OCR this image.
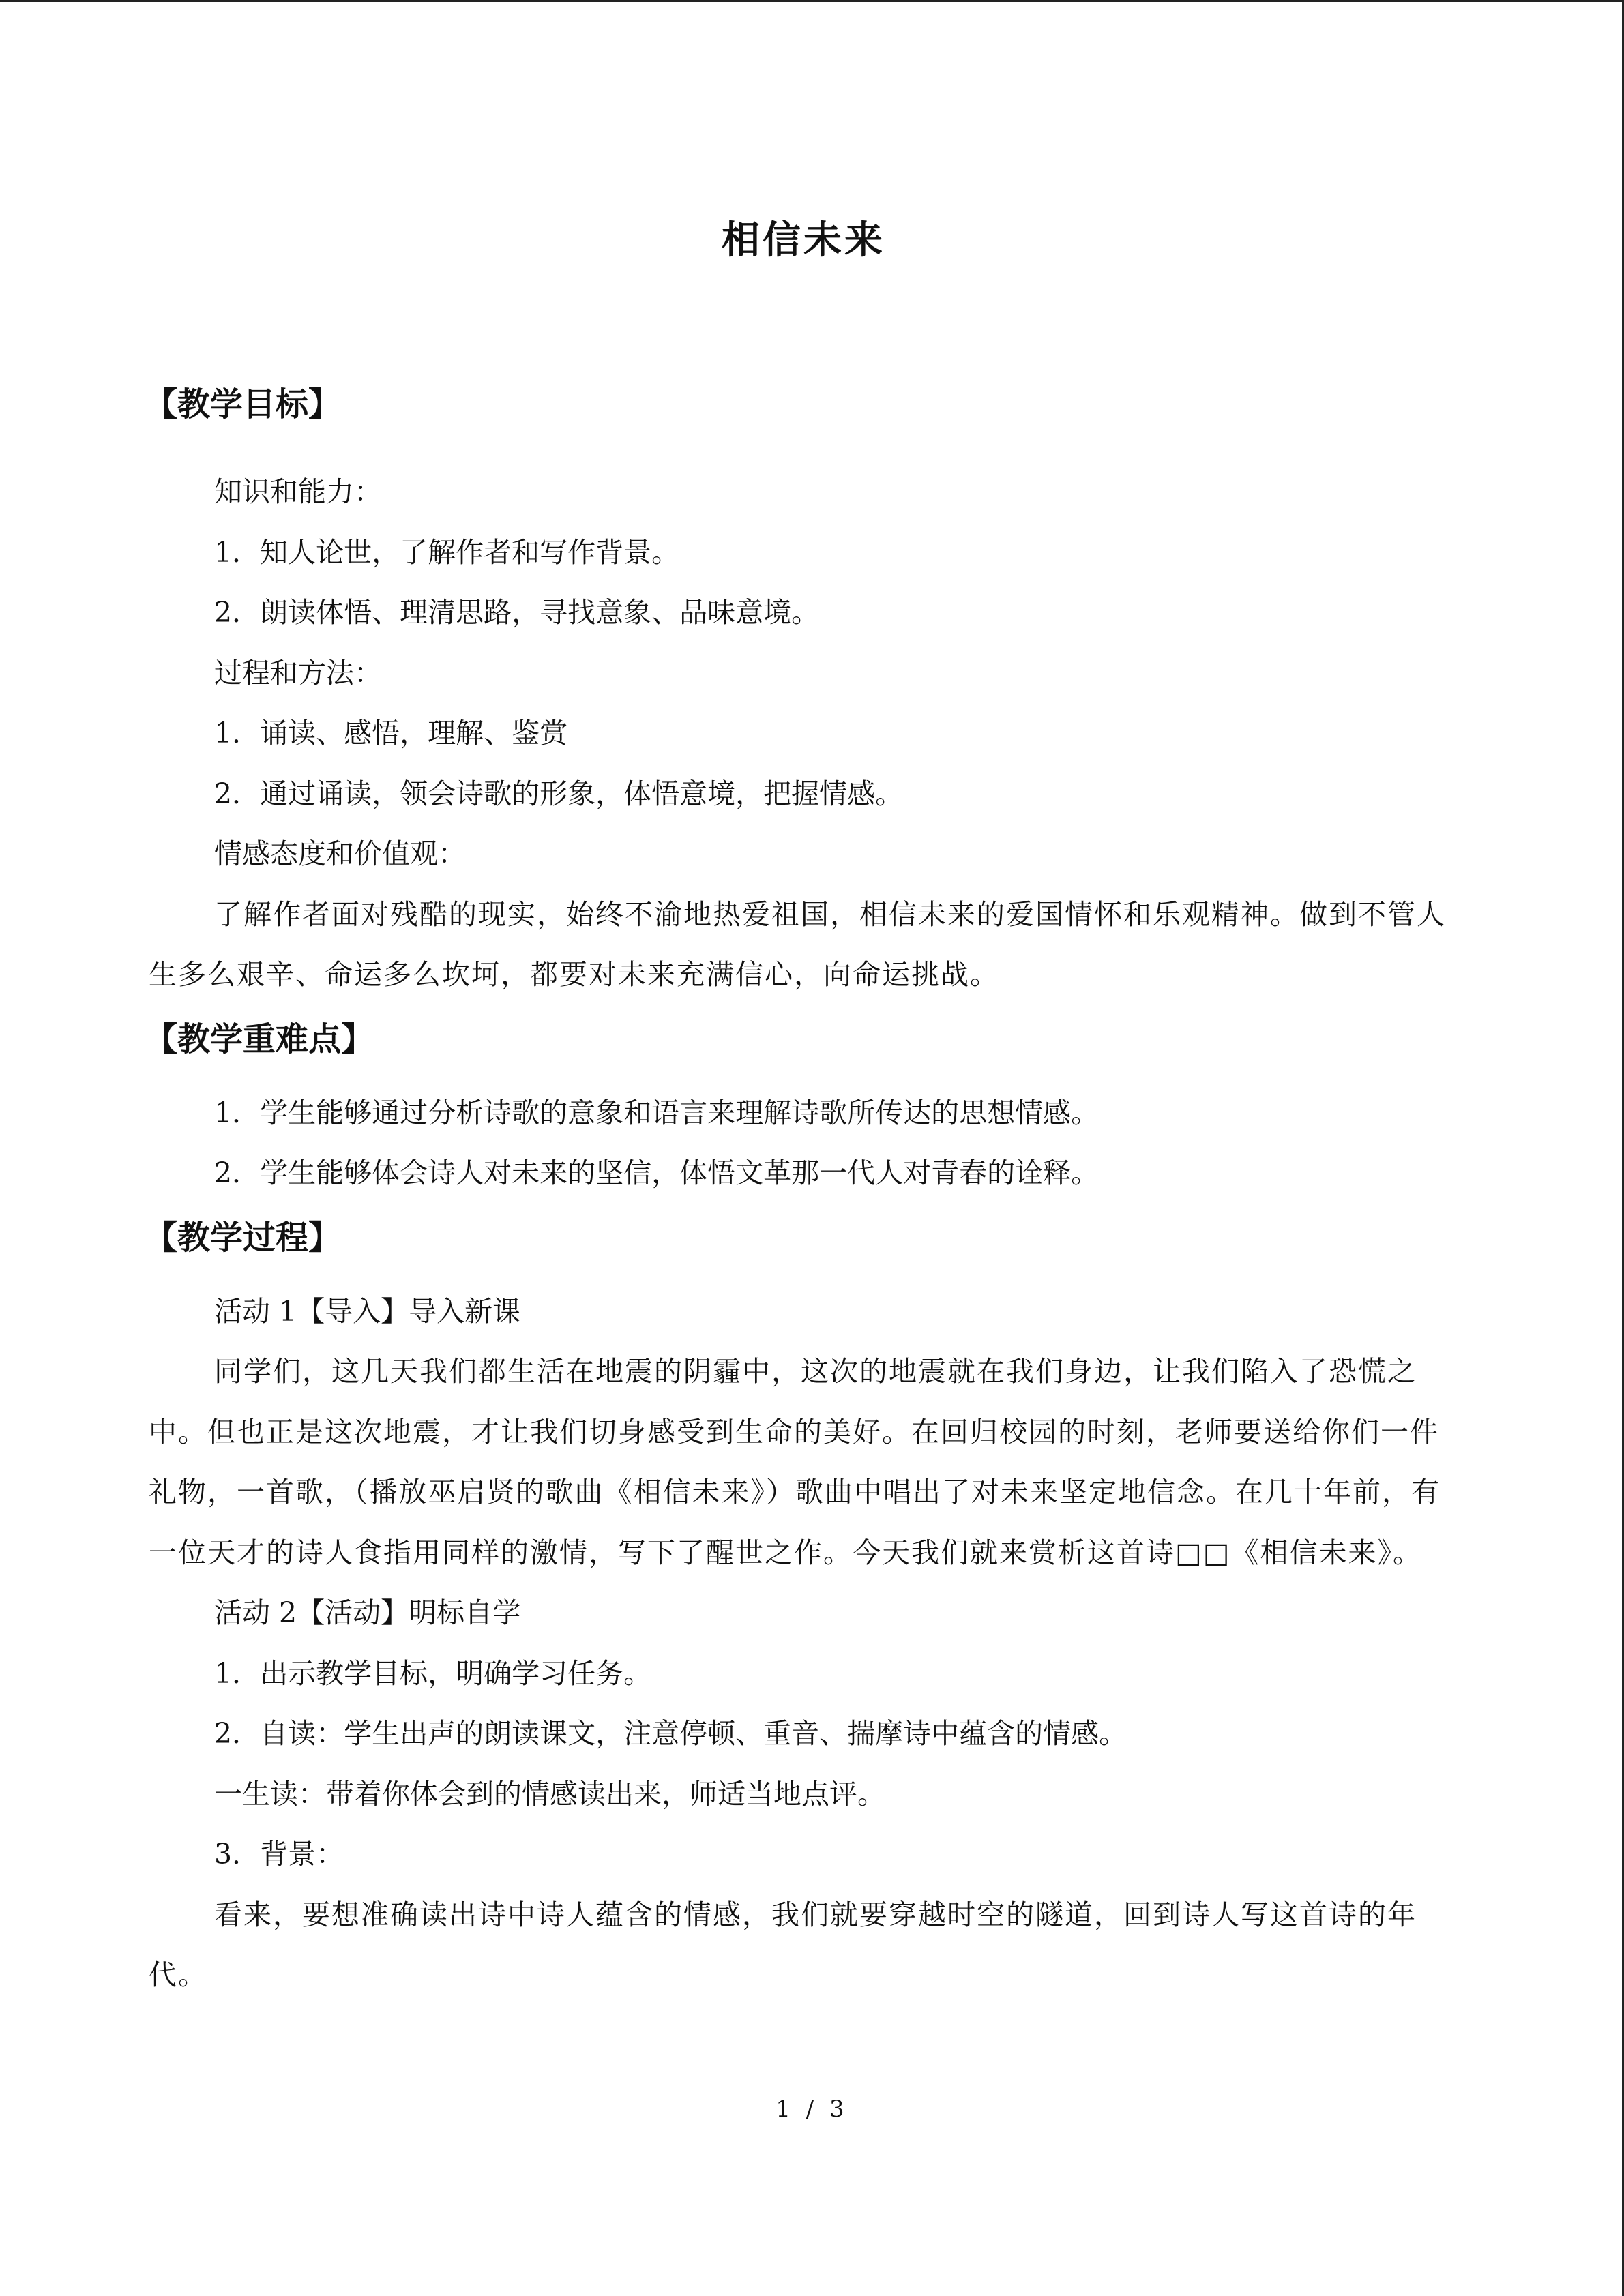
相信未来
【教学目标】

知识和能力：

1．知人论世，了解作者和写作背景。

2．朗读体悟、理清思路，寻找意象、品味意境。

过程和方法：

1．诵读、感悟，理解、鉴赏

2．通过诵读，领会诗歌的形象，体悟意境，把握情感。

情感态度和价值观：

了解作者面对残酷的现实，始终不渝地热爱祖国，相信未来的爱国情怀和乐观精神。做到不管人生多么艰辛、命运多么坎坷，都要对未来充满信心，向命运挑战。

【教学重难点】

1．学生能够通过分析诗歌的意象和语言来理解诗歌所传达的思想情感。

2．学生能够体会诗人对未来的坚信，体悟文革那一代人对青春的诠释。

【教学过程】

活动 1【导入】导入新课

同学们，这几天我们都生活在地震的阴霾中，这次的地震就在我们身边，让我们陷入了恐慌之中。但也正是这次地震，才让我们切身感受到生命的美好。在回归校园的时刻，老师要送给你们一件礼物，一首歌，（播放巫启贤的歌曲《相信未来》）歌曲中唱出了对未来坚定地信念。在几十年前，有一位天才的诗人食指用同样的激情，写下了醒世之作。今天我们就来赏析这首诗□□《相信未来》。

活动 2【活动】明标自学

1．出示教学目标，明确学习任务。

2．自读：学生出声的朗读课文，注意停顿、重音、揣摩诗中蕴含的情感。

一生读：带着你体会到的情感读出来，师适当地点评。

3．背景：

看来，要想准确读出诗中诗人蕴含的情感，我们就要穿越时空的隧道，回到诗人写这首诗的年代。

1 / 3
